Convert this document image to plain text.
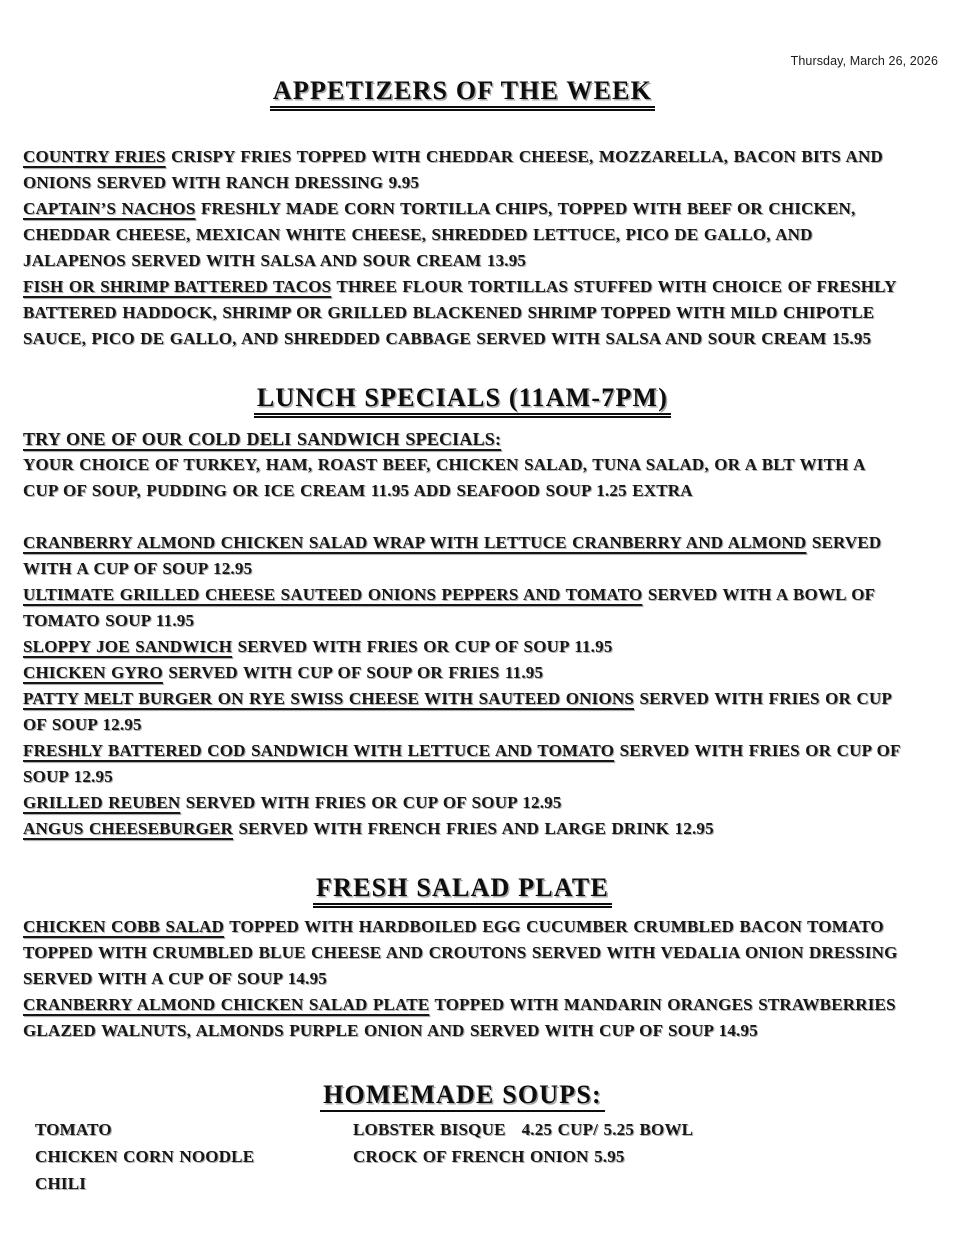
Thursday, March 26, 2026
APPETIZERS OF THE WEEK

COUNTRY FRIES CRISPY FRIES TOPPED WITH CHEDDAR CHEESE, MOZZARELLA, BACON BITS AND ONIONS SERVED WITH RANCH DRESSING 9.95

CAPTAIN’S NACHOS FRESHLY MADE CORN TORTILLA CHIPS, TOPPED WITH BEEF OR CHICKEN, CHEDDAR CHEESE, MEXICAN WHITE CHEESE, SHREDDED LETTUCE, PICO DE GALLO, AND JALAPENOS SERVED WITH SALSA AND SOUR CREAM 13.95

FISH OR SHRIMP BATTERED TACOS THREE FLOUR TORTILLAS STUFFED WITH CHOICE OF FRESHLY BATTERED HADDOCK, SHRIMP OR GRILLED BLACKENED SHRIMP TOPPED WITH MILD CHIPOTLE SAUCE, PICO DE GALLO, AND SHREDDED CABBAGE SERVED WITH SALSA AND SOUR CREAM 15.95

LUNCH SPECIALS (11AM-7PM)

TRY ONE OF OUR COLD DELI SANDWICH SPECIALS:

YOUR CHOICE OF TURKEY, HAM, ROAST BEEF, CHICKEN SALAD, TUNA SALAD, OR A BLT WITH A CUP OF SOUP, PUDDING OR ICE CREAM 11.95 ADD SEAFOOD SOUP 1.25 EXTRA

CRANBERRY ALMOND CHICKEN SALAD WRAP WITH LETTUCE CRANBERRY AND ALMOND SERVED WITH A CUP OF SOUP 12.95

ULTIMATE GRILLED CHEESE SAUTEED ONIONS PEPPERS AND TOMATO SERVED WITH A BOWL OF TOMATO SOUP 11.95

SLOPPY JOE SANDWICH SERVED WITH FRIES OR CUP OF SOUP 11.95

CHICKEN GYRO SERVED WITH CUP OF SOUP OR FRIES 11.95

PATTY MELT BURGER ON RYE SWISS CHEESE WITH SAUTEED ONIONS SERVED WITH FRIES OR CUP OF SOUP 12.95

FRESHLY BATTERED COD SANDWICH WITH LETTUCE AND TOMATO SERVED WITH FRIES OR CUP OF SOUP 12.95

GRILLED REUBEN SERVED WITH FRIES OR CUP OF SOUP 12.95

ANGUS CHEESEBURGER SERVED WITH FRENCH FRIES AND LARGE DRINK 12.95

FRESH SALAD PLATE

CHICKEN COBB SALAD TOPPED WITH HARDBOILED EGG CUCUMBER CRUMBLED BACON TOMATO TOPPED WITH CRUMBLED BLUE CHEESE AND CROUTONS SERVED WITH VEDALIA ONION DRESSING SERVED WITH A CUP OF SOUP 14.95

CRANBERRY ALMOND CHICKEN SALAD PLATE TOPPED WITH MANDARIN ORANGES STRAWBERRIES GLAZED WALNUTS, ALMONDS PURPLE ONION AND SERVED WITH CUP OF SOUP 14.95

HOMEMADE SOUPS:

TOMATO

CHICKEN CORN NOODLE

CHILI

LOBSTER BISQUE 4.25 CUP/ 5.25 BOWL

CROCK OF FRENCH ONION 5.95
